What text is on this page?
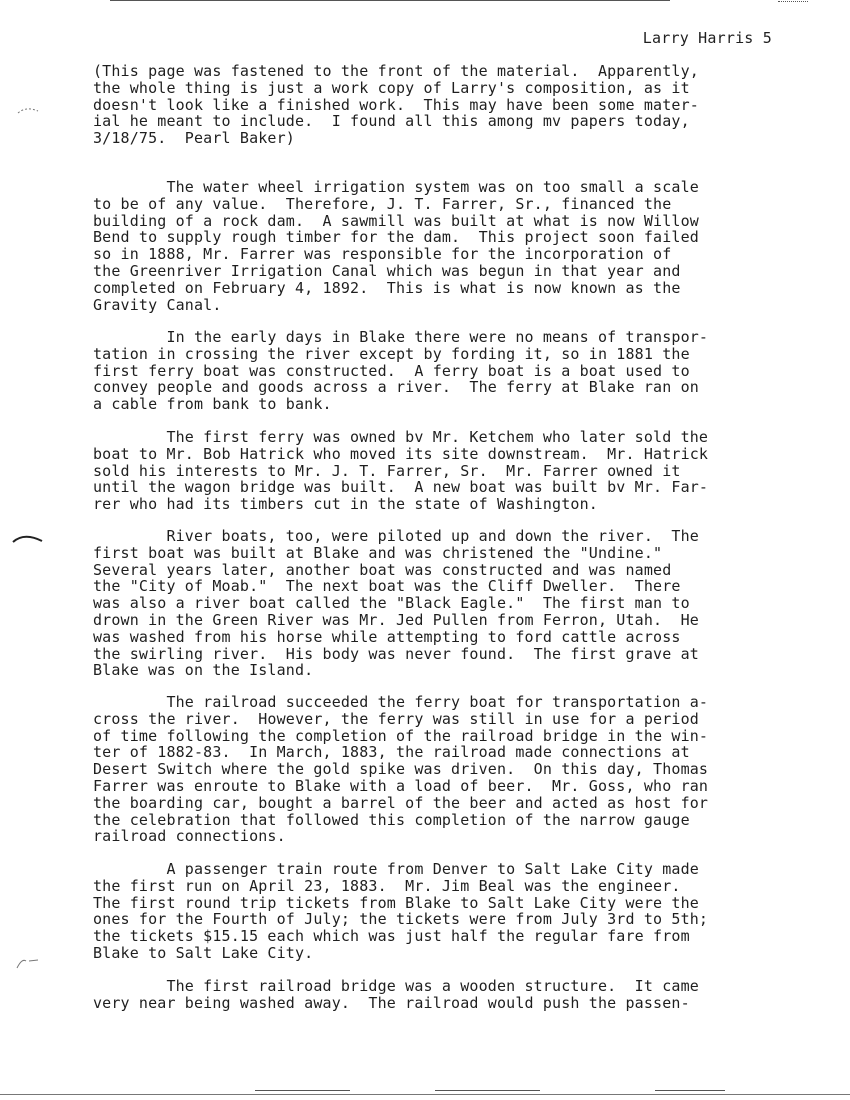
Larry Harris 5
(This page was fastened to the front of the material.  Apparently,
the whole thing is just a work copy of Larry's composition, as it
doesn't look like a finished work.  This may have been some mater-
ial he meant to include.  I found all this among mv papers today,
3/18/75.  Pearl Baker)
The water wheel irrigation system was on too small a scale
to be of any value.  Therefore, J. T. Farrer, Sr., financed the
building of a rock dam.  A sawmill was built at what is now Willow
Bend to supply rough timber for the dam.  This project soon failed
so in 1888, Mr. Farrer was responsible for the incorporation of
the Greenriver Irrigation Canal which was begun in that year and
completed on February 4, 1892.  This is what is now known as the
Gravity Canal.
In the early days in Blake there were no means of transpor-
tation in crossing the river except by fording it, so in 1881 the
first ferry boat was constructed.  A ferry boat is a boat used to
convey people and goods across a river.  The ferry at Blake ran on
a cable from bank to bank.
The first ferry was owned bv Mr. Ketchem who later sold the
boat to Mr. Bob Hatrick who moved its site downstream.  Mr. Hatrick
sold his interests to Mr. J. T. Farrer, Sr.  Mr. Farrer owned it
until the wagon bridge was built.  A new boat was built bv Mr. Far-
rer who had its timbers cut in the state of Washington.
River boats, too, were piloted up and down the river.  The
first boat was built at Blake and was christened the "Undine."
Several years later, another boat was constructed and was named
the "City of Moab."  The next boat was the Cliff Dweller.  There
was also a river boat called the "Black Eagle."  The first man to
drown in the Green River was Mr. Jed Pullen from Ferron, Utah.  He
was washed from his horse while attempting to ford cattle across
the swirling river.  His body was never found.  The first grave at
Blake was on the Island.
The railroad succeeded the ferry boat for transportation a-
cross the river.  However, the ferry was still in use for a period
of time following the completion of the railroad bridge in the win-
ter of 1882-83.  In March, 1883, the railroad made connections at
Desert Switch where the gold spike was driven.  On this day, Thomas
Farrer was enroute to Blake with a load of beer.  Mr. Goss, who ran
the boarding car, bought a barrel of the beer and acted as host for
the celebration that followed this completion of the narrow gauge
railroad connections.
A passenger train route from Denver to Salt Lake City made
the first run on April 23, 1883.  Mr. Jim Beal was the engineer.
The first round trip tickets from Blake to Salt Lake City were the
ones for the Fourth of July; the tickets were from July 3rd to 5th;
the tickets $15.15 each which was just half the regular fare from
Blake to Salt Lake City.
The first railroad bridge was a wooden structure.  It came
very near being washed away.  The railroad would push the passen-
